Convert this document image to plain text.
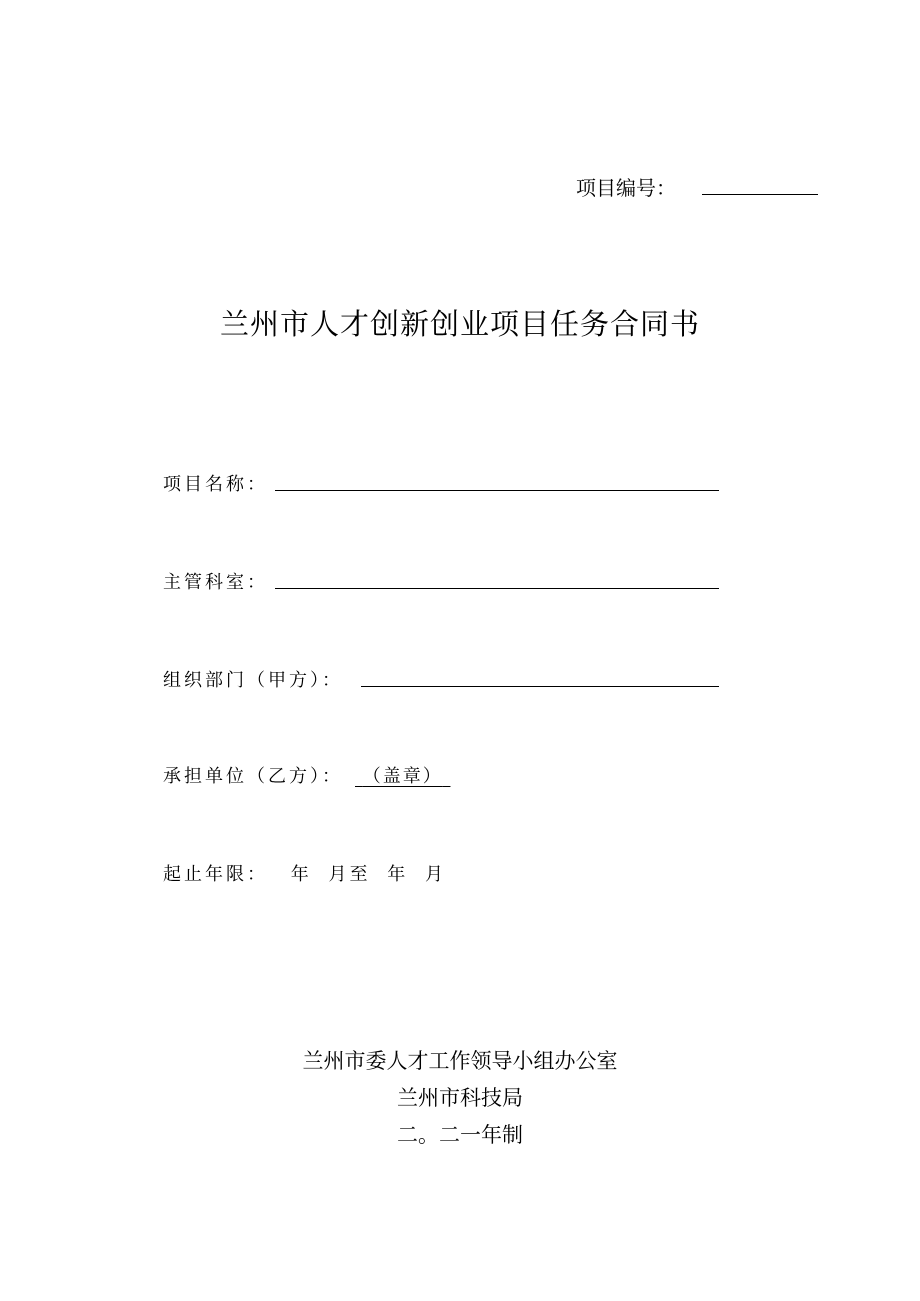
项目编号：
兰州市人才创新创业项目任务合同书
项目名称：
主管科室：
组织部门（甲方）：
承担单位（乙方）：	（盖章）
起止年限： 年 月至 年 月
兰州市委人才工作领导小组办公室
兰州市科技局
二。二一年制
